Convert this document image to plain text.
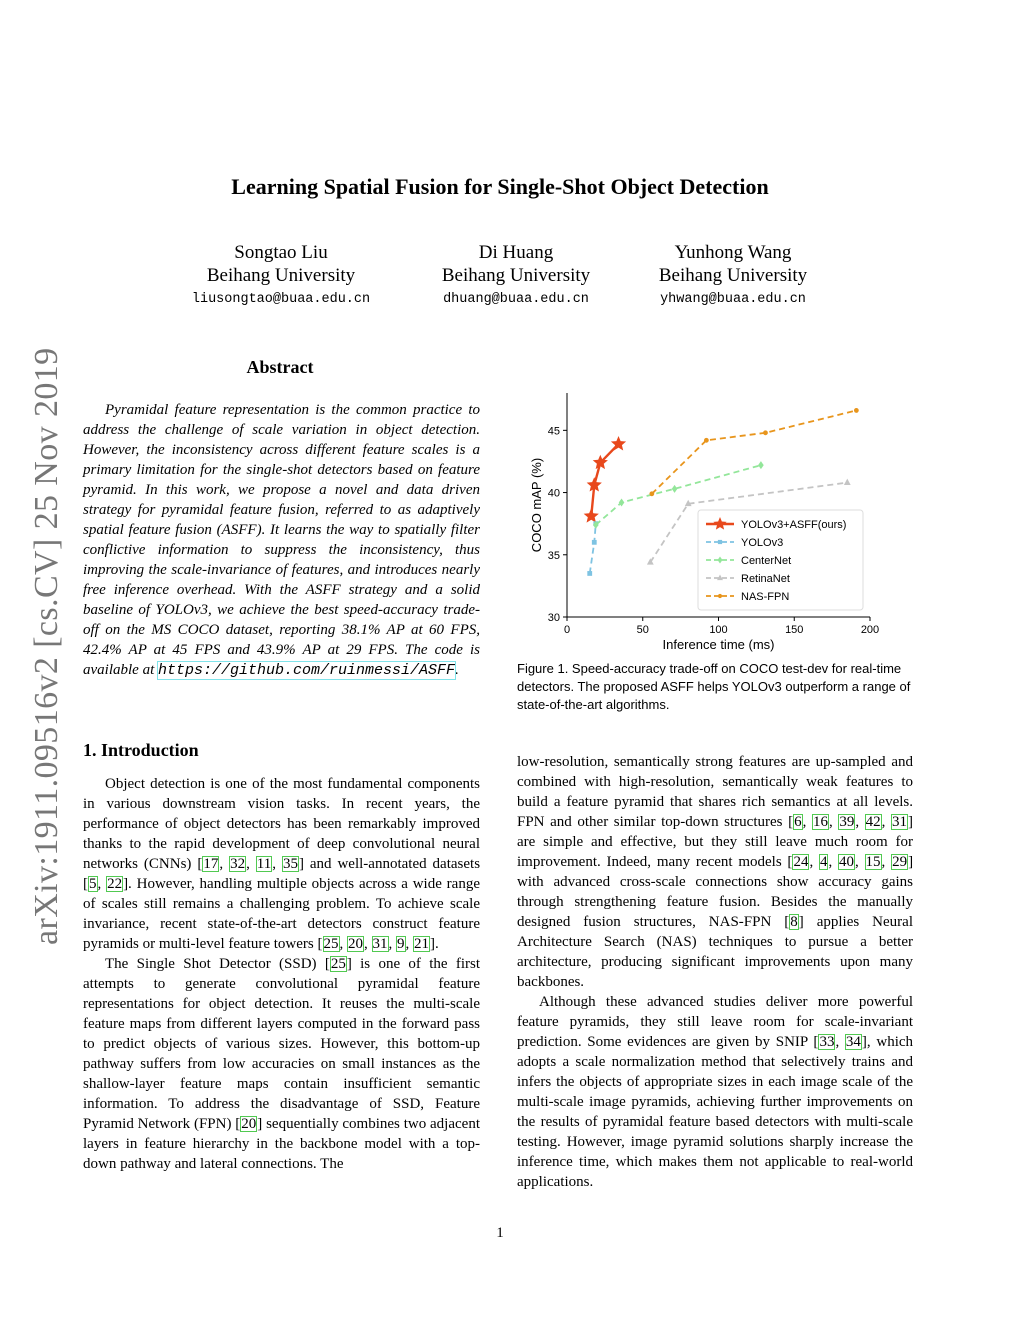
arXiv:1911.09516v2 [cs.CV] 25 Nov 2019
Learning Spatial Fusion for Single-Shot Object Detection
Songtao Liu
Beihang University
liusongtao@buaa.edu.cn
Di Huang
Beihang University
dhuang@buaa.edu.cn
Yunhong Wang
Beihang University
yhwang@buaa.edu.cn
Abstract
Pyramidal feature representation is the common practice to address the challenge of scale variation in object detection. However, the inconsistency across different feature scales is a primary limitation for the single-shot detectors based on feature pyramid. In this work, we propose a novel and data driven strategy for pyramidal feature fusion, referred to as adaptively spatial feature fusion (ASFF). It learns the way to spatially filter conflictive information to suppress the inconsistency, thus improving the scale-invariance of features, and introduces nearly free inference overhead. With the ASFF strategy and a solid baseline of YOLOv3, we achieve the best speed-accuracy trade-off on the MS COCO dataset, reporting 38.1% AP at 60 FPS, 42.4% AP at 45 FPS and 43.9% AP at 29 FPS. The code is available at https://github.com/ruinmessi/ASFF.
1. Introduction

Object detection is one of the most fundamental components in various downstream vision tasks. In recent years, the performance of object detectors has been remarkably improved thanks to the rapid development of deep convolutional neural networks (CNNs) [17, 32, 11, 35] and well-annotated datasets [5, 22]. However, handling multiple objects across a wide range of scales still remains a challenging problem. To achieve scale invariance, recent state-of-the-art detectors construct feature pyramids or multi-level feature towers [25, 20, 31, 9, 21].

The Single Shot Detector (SSD) [25] is one of the first attempts to generate convolutional pyramidal feature representations for object detection. It reuses the multi-scale feature maps from different layers computed in the forward pass to predict objects of various sizes. However, this bottom-up pathway suffers from low accuracies on small instances as the shallow-layer feature maps contain insufficient semantic information. To address the disadvantage of SSD, Feature Pyramid Network (FPN) [20] sequentially combines two adjacent layers in feature hierarchy in the backbone model with a top-down pathway and lateral connections. The

0	50	100	150	200
30
35
40
45
Inference time (ms)
COCO mAP (%)	YOLOv3+ASFF(ours)
YOLOv3
CenterNet
RetinaNet
NAS-FPN
Figure 1. Speed-accuracy trade-off on COCO test-dev for real-time detectors. The proposed ASFF helps YOLOv3 outperform a range of state-of-the-art algorithms.

low-resolution, semantically strong features are up-sampled and combined with high-resolution, semantically weak features to build a feature pyramid that shares rich semantics at all levels. FPN and other similar top-down structures [6, 16, 39, 42, 31] are simple and effective, but they still leave much room for improvement. Indeed, many recent models [24, 4, 40, 15, 29] with advanced cross-scale connections show accuracy gains through strengthening feature fusion. Besides the manually designed fusion structures, NAS-FPN [8] applies Neural Architecture Search (NAS) techniques to pursue a better architecture, producing significant improvements upon many backbones.

Although these advanced studies deliver more powerful feature pyramids, they still leave room for scale-invariant prediction. Some evidences are given by SNIP [33, 34], which adopts a scale normalization method that selectively trains and infers the objects of appropriate sizes in each image scale of the multi-scale image pyramids, achieving further improvements on the results of pyramidal feature based detectors with multi-scale testing. However, image pyramid solutions sharply increase the inference time, which makes them not applicable to real-world applications.

1
